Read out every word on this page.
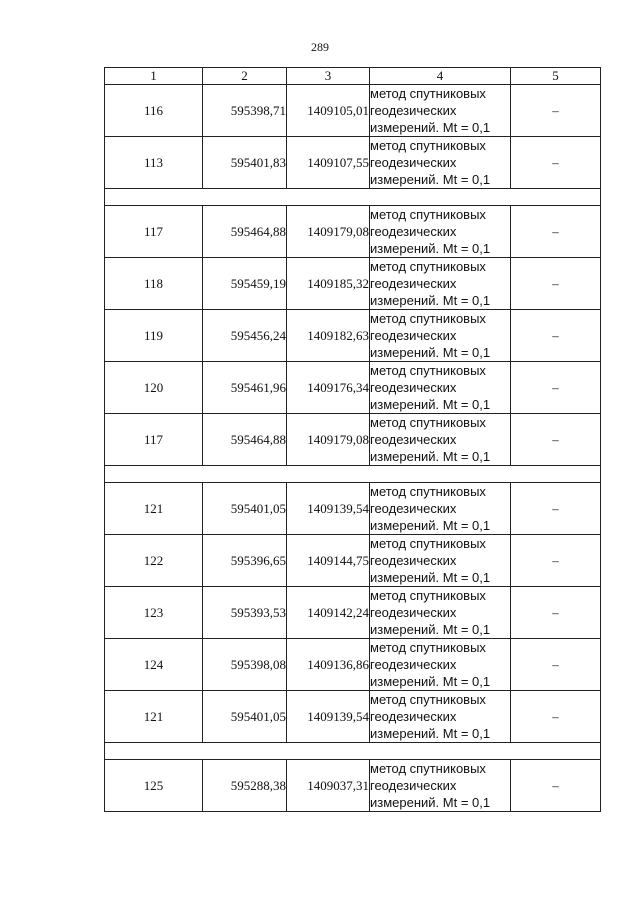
289
1	2	3	4	5
116	595398,71	1409105,01	метод спутниковых
геодезических
измерений. Mt = 0,1	–
113	595401,83	1409107,55	метод спутниковых
геодезических
измерений. Mt = 0,1	–

117	595464,88	1409179,08	метод спутниковых
геодезических
измерений. Mt = 0,1	–
118	595459,19	1409185,32	метод спутниковых
геодезических
измерений. Mt = 0,1	–
119	595456,24	1409182,63	метод спутниковых
геодезических
измерений. Mt = 0,1	–
120	595461,96	1409176,34	метод спутниковых
геодезических
измерений. Mt = 0,1	–
117	595464,88	1409179,08	метод спутниковых
геодезических
измерений. Mt = 0,1	–

121	595401,05	1409139,54	метод спутниковых
геодезических
измерений. Mt = 0,1	–
122	595396,65	1409144,75	метод спутниковых
геодезических
измерений. Mt = 0,1	–
123	595393,53	1409142,24	метод спутниковых
геодезических
измерений. Mt = 0,1	–
124	595398,08	1409136,86	метод спутниковых
геодезических
измерений. Mt = 0,1	–
121	595401,05	1409139,54	метод спутниковых
геодезических
измерений. Mt = 0,1	–

125	595288,38	1409037,31	метод спутниковых
геодезических
измерений. Mt = 0,1	–
